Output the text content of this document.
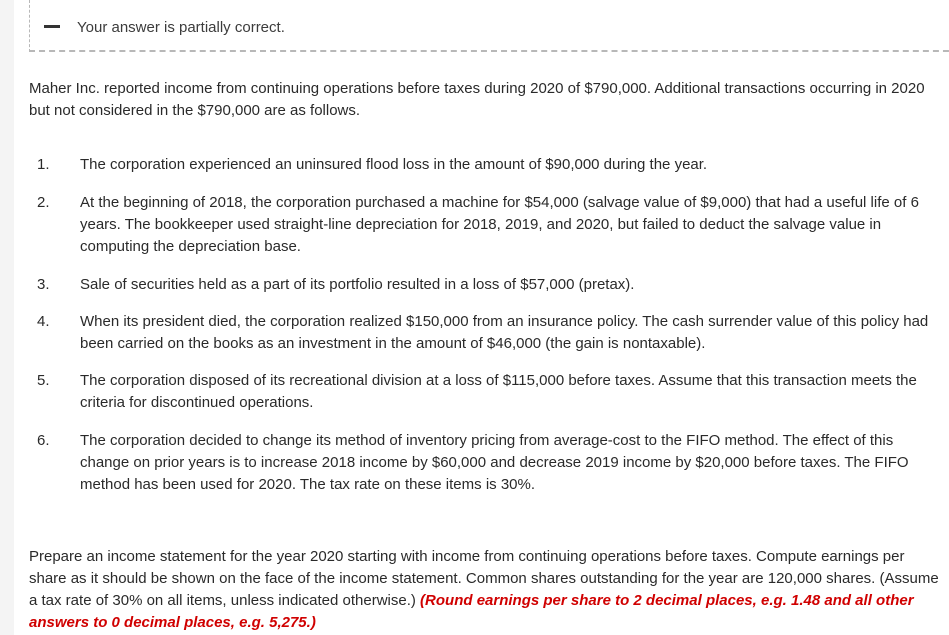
Your answer is partially correct.

Maher Inc. reported income from continuing operations before taxes during 2020 of $790,000. Additional transactions occurring in 2020 but not considered in the $790,000 are as follows.

1.	The corporation experienced an uninsured flood loss in the amount of $90,000 during the year.
2.	At the beginning of 2018, the corporation purchased a machine for $54,000 (salvage value of $9,000) that had a useful life of 6 years. The bookkeeper used straight-line depreciation for 2018, 2019, and 2020, but failed to deduct the salvage value in computing the depreciation base.
3.	Sale of securities held as a part of its portfolio resulted in a loss of $57,000 (pretax).
4.	When its president died, the corporation realized $150,000 from an insurance policy. The cash surrender value of this policy had been carried on the books as an investment in the amount of $46,000 (the gain is nontaxable).
5.	The corporation disposed of its recreational division at a loss of $115,000 before taxes. Assume that this transaction meets the criteria for discontinued operations.
6.	The corporation decided to change its method of inventory pricing from average-cost to the FIFO method. The effect of this change on prior years is to increase 2018 income by $60,000 and decrease 2019 income by $20,000 before taxes. The FIFO method has been used for 2020. The tax rate on these items is 30%.

Prepare an income statement for the year 2020 starting with income from continuing operations before taxes. Compute earnings per share as it should be shown on the face of the income statement. Common shares outstanding for the year are 120,000 shares. (Assume a tax rate of 30% on all items, unless indicated otherwise.) (Round earnings per share to 2 decimal places, e.g. 1.48 and all other answers to 0 decimal places, e.g. 5,275.)
